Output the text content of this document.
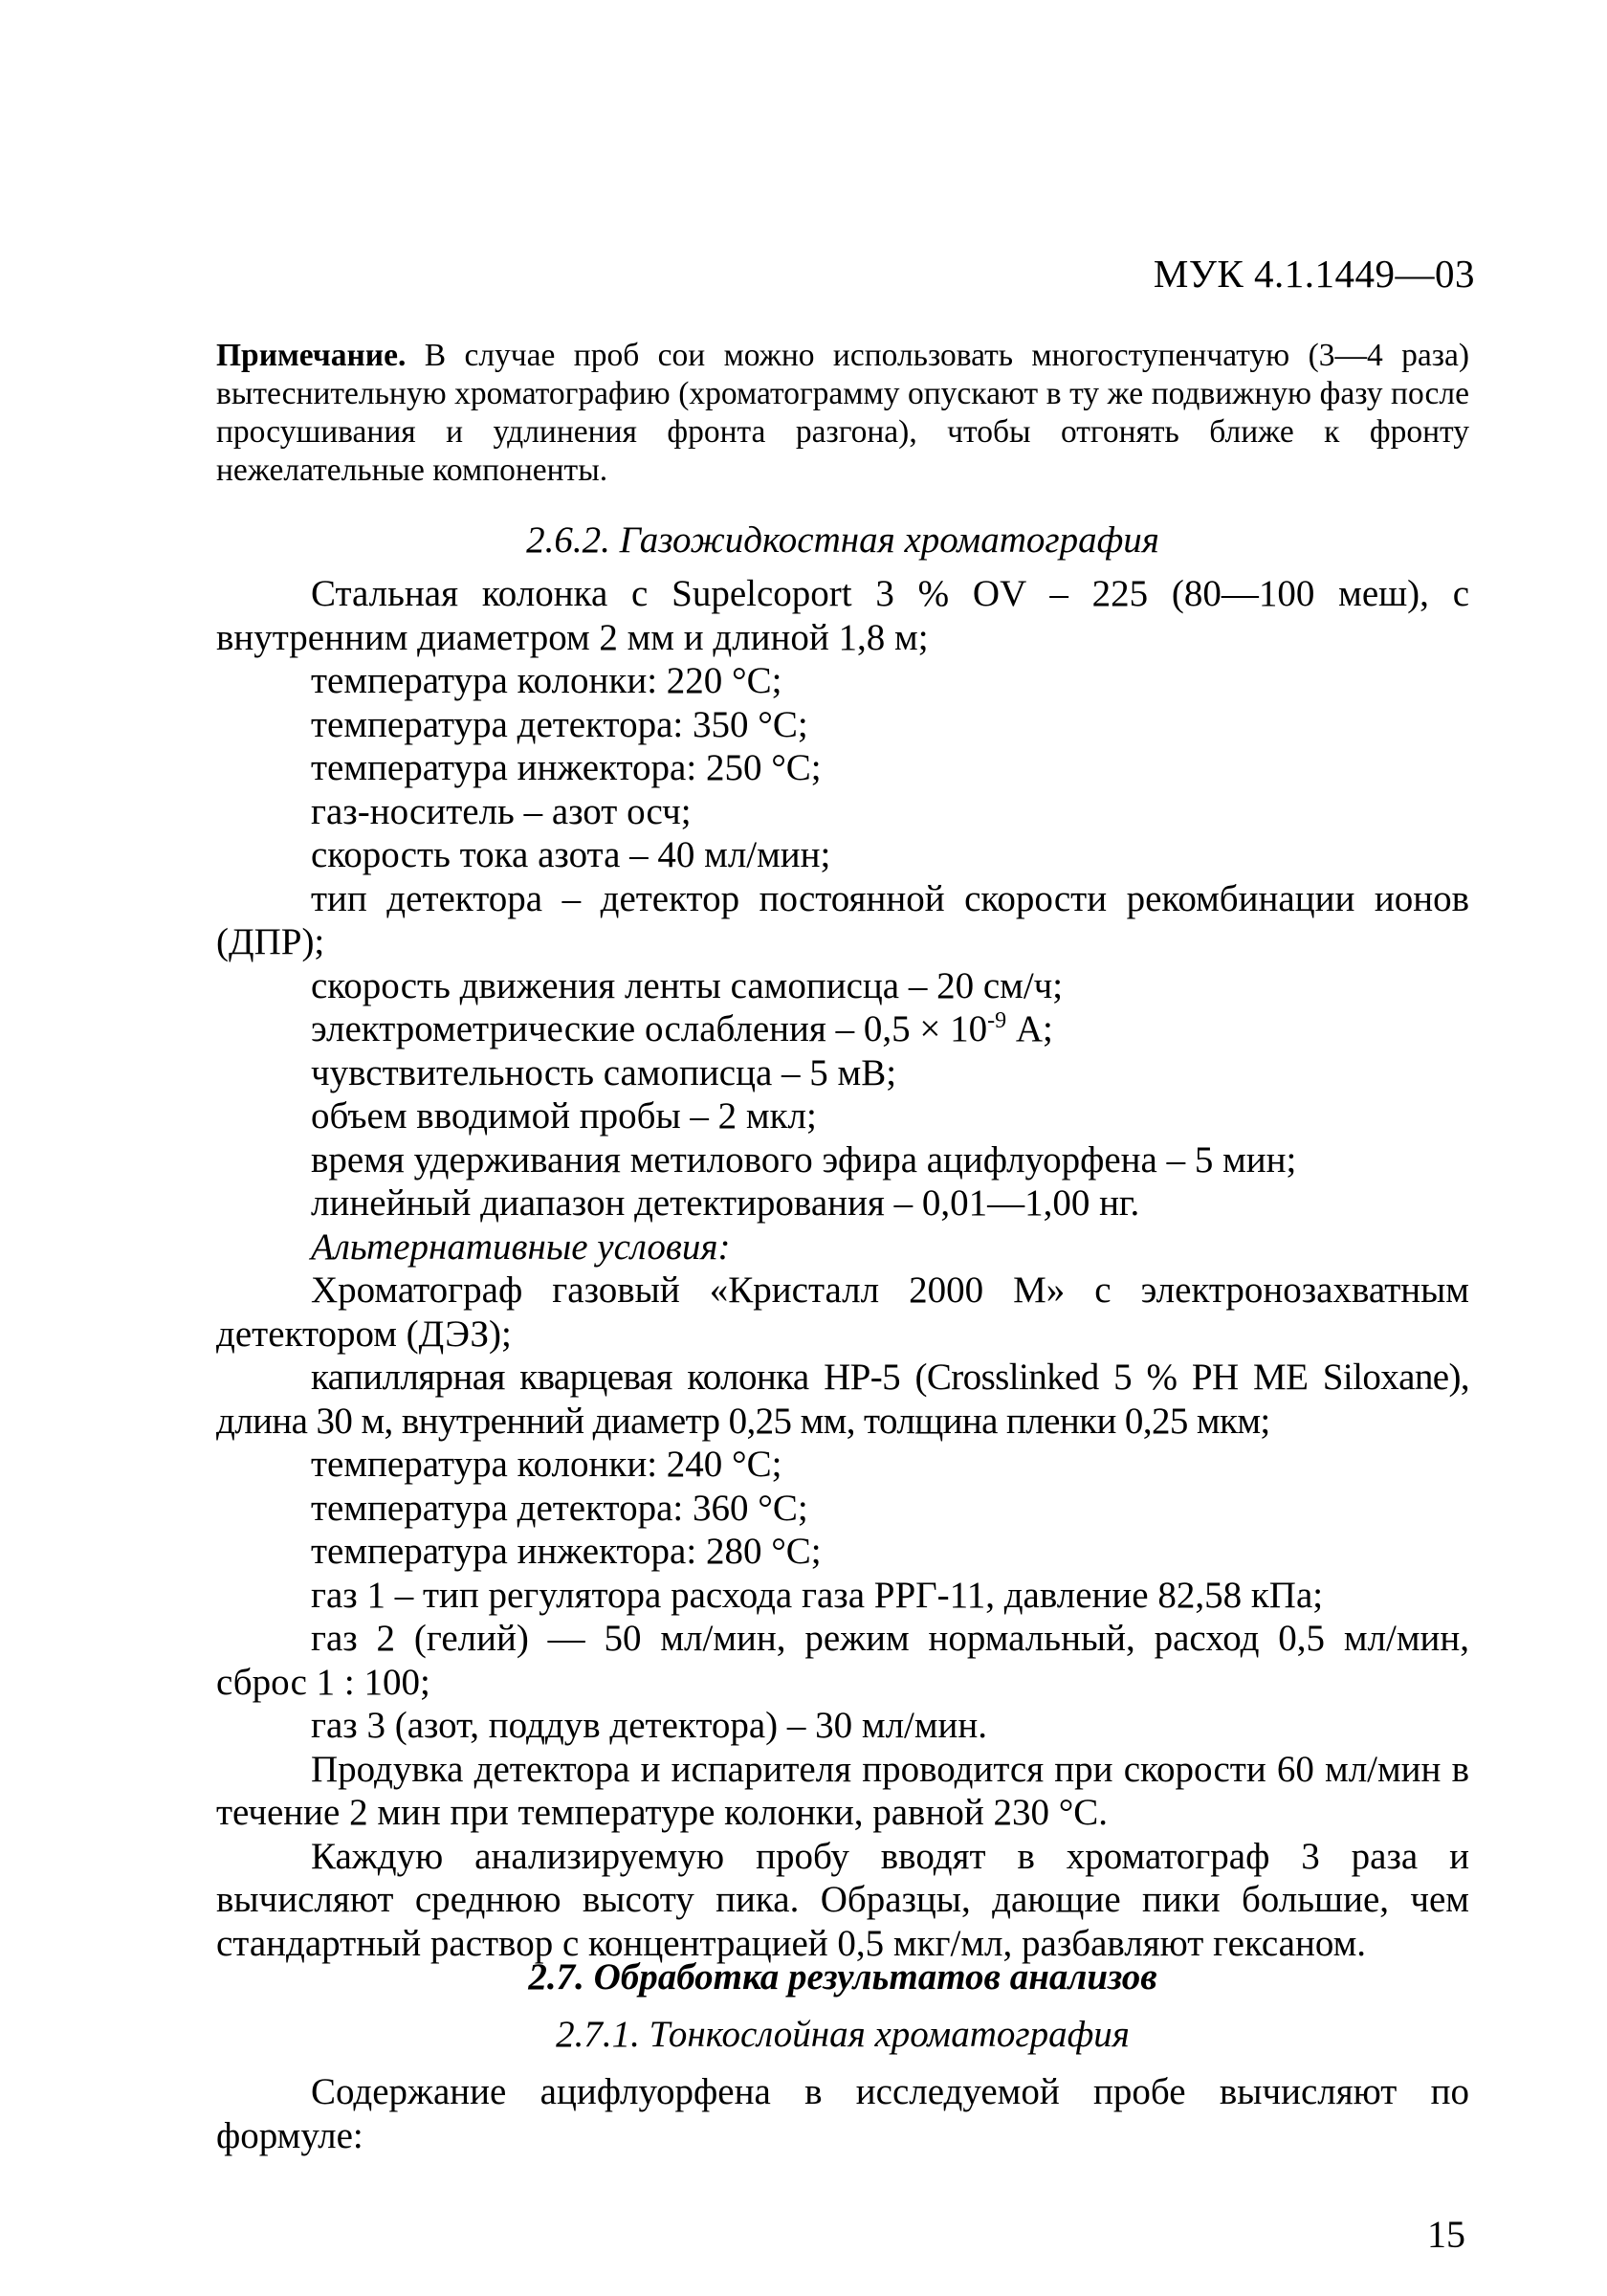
МУК 4.1.1449—03
Примечание. В случае проб сои можно использовать многоступенчатую (3—4 раза) вытеснительную хроматографию (хроматограмму опускают в ту же подвижную фазу после просушивания и удлинения фронта разгона), чтобы отгонять ближе к фронту нежелательные компоненты.
2.6.2. Газожидкостная хроматография

Стальная колонка с Supelcoport 3 % OV – 225 (80—100 меш), с внутренним диаметром 2 мм и длиной 1,8 м;

температура колонки: 220 °С;
температура детектора: 350 °С;
температура инжектора: 250 °С;
газ-носитель – азот осч;
скорость тока азота – 40 мл/мин;

тип детектора – детектор постоянной скорости рекомбинации ионов (ДПР);

скорость движения ленты самописца – 20 см/ч;
электрометрические ослабления – $0,5 \times 10^{-9}$ А;
чувствительность самописца – 5 мВ;
объем вводимой пробы – 2 мкл;
время удерживания метилового эфира ацифлуорфена – 5 мин;
линейный диапазон детектирования – 0,01—1,00 нг.
Альтернативные условия:

Хроматограф газовый «Кристалл 2000 М» с электронозахватным детектором (ДЭЗ);

капиллярная кварцевая колонка HP-5 (Crosslinked 5 % PH ME Siloxane), длина 30 м, внутренний диаметр 0,25 мм, толщина пленки 0,25 мкм;

температура колонки: 240 °С;
температура детектора: 360 °С;
температура инжектора: 280 °С;
газ 1 – тип регулятора расхода газа РРГ-11, давление 82,58 кПа;

газ 2 (гелий) — 50 мл/мин, режим нормальный, расход 0,5 мл/мин, сброс 1 : 100;

газ 3 (азот, поддув детектора) – 30 мл/мин.

Продувка детектора и испарителя проводится при скорости 60 мл/мин в течение 2 мин при температуре колонки, равной 230 °С.

Каждую анализируемую пробу вводят в хроматограф 3 раза и вычисляют среднюю высоту пика. Образцы, дающие пики большие, чем стандартный раствор с концентрацией 0,5 мкг/мл, разбавляют гексаном.

2.7. Обработка результатов анализов
2.7.1. Тонкослойная хроматография

Содержание ацифлуорфена в исследуемой пробе вычисляют по формуле:

15
